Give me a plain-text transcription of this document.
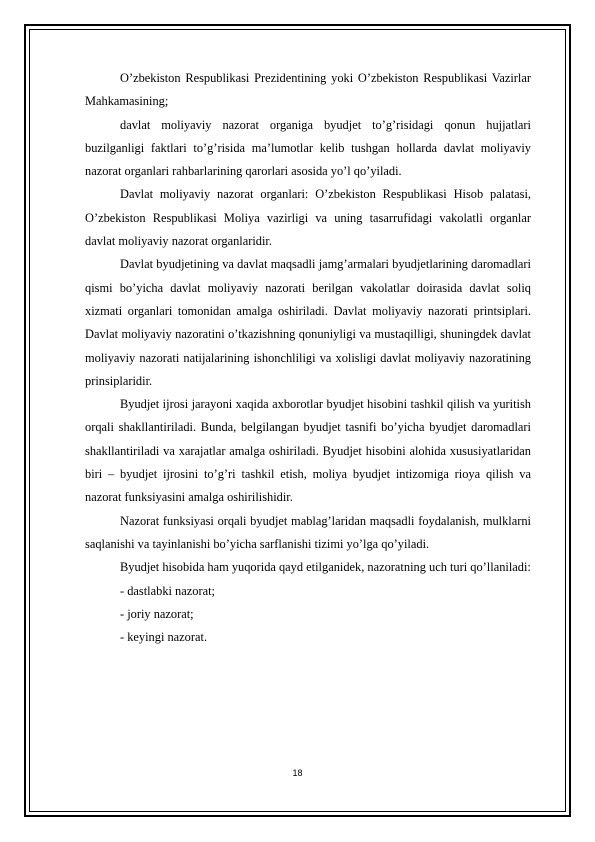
O’zbekiston Respublikasi Prezidentining yoki O’zbekiston Respublikasi Vazirlar Mahkamasining;

davlat moliyaviy nazorat organiga byudjet to’g’risidagi qonun hujjatlari buzilganligi faktlari to’g’risida ma’lumotlar kelib tushgan hollarda davlat moliyaviy nazorat organlari rahbarlarining qarorlari asosida yo’l qo’yiladi.

Davlat moliyaviy nazorat organlari: O’zbekiston Respublikasi Hisob palatasi, O’zbekiston Respublikasi Moliya vazirligi va uning tasarrufidagi vakolatli organlar davlat moliyaviy nazorat organlaridir.

Davlat byudjetining va davlat maqsadli jamg’armalari byudjetlarining daromadlari qismi bo’yicha davlat moliyaviy nazorati berilgan vakolatlar doirasida davlat soliq xizmati organlari tomonidan amalga oshiriladi. Davlat moliyaviy nazorati printsiplari. Davlat moliyaviy nazoratini o’tkazishning qonuniyligi va mustaqilligi, shuningdek davlat moliyaviy nazorati natijalarining ishonchliligi va xolisligi davlat moliyaviy nazoratining prinsiplaridir.

Byudjet ijrosi jarayoni xaqida axborotlar byudjet hisobini tashkil qilish va yuritish orqali shakllantiriladi. Bunda, belgilangan byudjet tasnifi bo’yicha byudjet daromadlari shakllantiriladi va xarajatlar amalga oshiriladi. Byudjet hisobini alohida xususiyatlaridan biri – byudjet ijrosini to’g’ri tashkil etish, moliya byudjet intizomiga rioya qilish va nazorat funksiyasini amalga oshirilishidir.

Nazorat funksiyasi orqali byudjet mablag’laridan maqsadli foydalanish, mulklarni saqlanishi va tayinlanishi bo’yicha sarflanishi tizimi yo’lga qo’yiladi.

Byudjet hisobida ham yuqorida qayd etilganidek, nazoratning uch turi qo’llaniladi:

- dastlabki nazorat;

- joriy nazorat;

- keyingi nazorat.

18
